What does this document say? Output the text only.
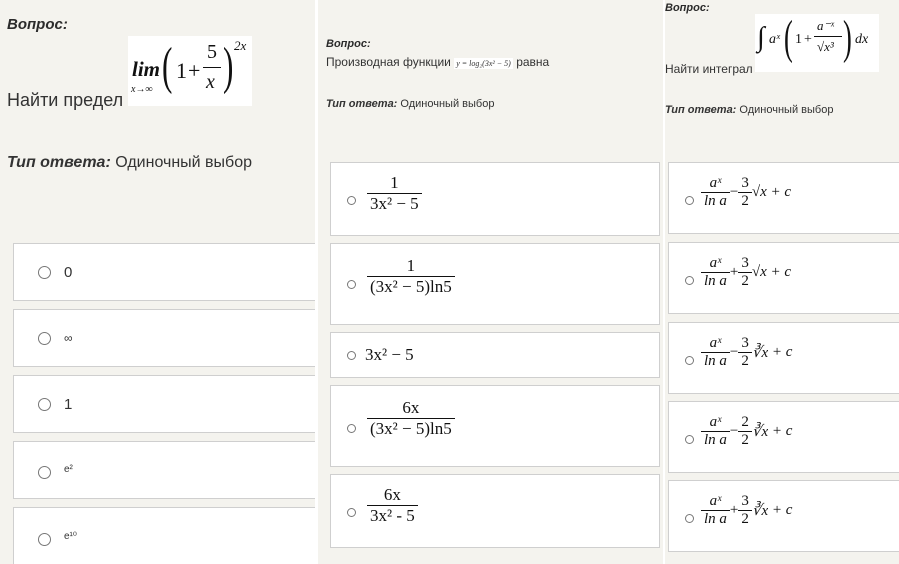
Вопрос:
Найти предел
lim
x→∞ ( 1 +
5
x ) 2x
Тип ответа: Одиночный выбор
0
∞
1
e²
e¹⁰
Вопрос:
Производная функции y = log₂(3x² − 5) равна
Тип ответа: Одиночный выбор
$\frac{1}{\text{3x² − 5}}$
$\frac{1}{\text{(3x² − 5)ln5}}$
3x² − 5
$\frac{6x}{\text{(3x² − 5)ln5}}$
$\frac{6x}{\text{3x² - 5}}$
Вопрос:
Найти интеграл
∫ aˣ ( 1 +
a⁻ˣ
√x³ ) dx
Тип ответа: Одиночный выбор
$\frac{\text{aˣ}}{\text{ln a}} - \frac{3}{2} √x + c$
$\frac{\text{aˣ}}{\text{ln a}} + \frac{3}{2} √x + c$
$\frac{\text{aˣ}}{\text{ln a}} - \frac{3}{2}$ ∛x + c
$\frac{\text{aˣ}}{\text{ln a}} - \frac{2}{2}$ ∛x + c
$\frac{\text{aˣ}}{\text{ln a}} + \frac{3}{2}$ ∛x + c
